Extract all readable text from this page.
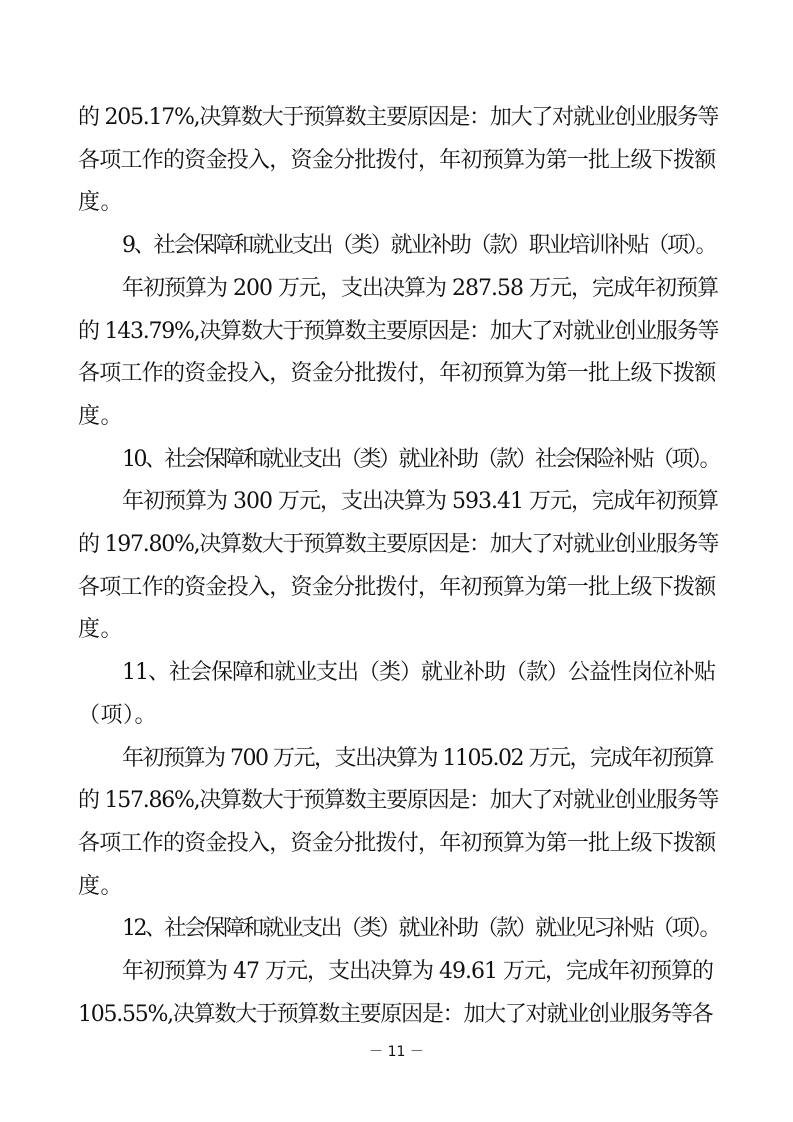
的 205.17%,决算数大于预算数主要原因是：加大了对就业创业服务等
各项工作的资金投入，资金分批拨付，年初预算为第一批上级下拨额
度。
9、社会保障和就业支出（类）就业补助（款）职业培训补贴（项）。
年初预算为 200 万元，支出决算为 287.58 万元，完成年初预算
的 143.79%,决算数大于预算数主要原因是：加大了对就业创业服务等
各项工作的资金投入，资金分批拨付，年初预算为第一批上级下拨额
度。
10、社会保障和就业支出（类）就业补助（款）社会保险补贴（项）。
年初预算为 300 万元，支出决算为 593.41 万元，完成年初预算
的 197.80%,决算数大于预算数主要原因是：加大了对就业创业服务等
各项工作的资金投入，资金分批拨付，年初预算为第一批上级下拨额
度。
11、社会保障和就业支出（类）就业补助（款）公益性岗位补贴
（项）。
年初预算为 700 万元，支出决算为 1105.02 万元，完成年初预算
的 157.86%,决算数大于预算数主要原因是：加大了对就业创业服务等
各项工作的资金投入，资金分批拨付，年初预算为第一批上级下拨额
度。
12、社会保障和就业支出（类）就业补助（款）就业见习补贴（项）。
年初预算为 47 万元，支出决算为 49.61 万元，完成年初预算的
105.55%,决算数大于预算数主要原因是：加大了对就业创业服务等各
－ 11 －
